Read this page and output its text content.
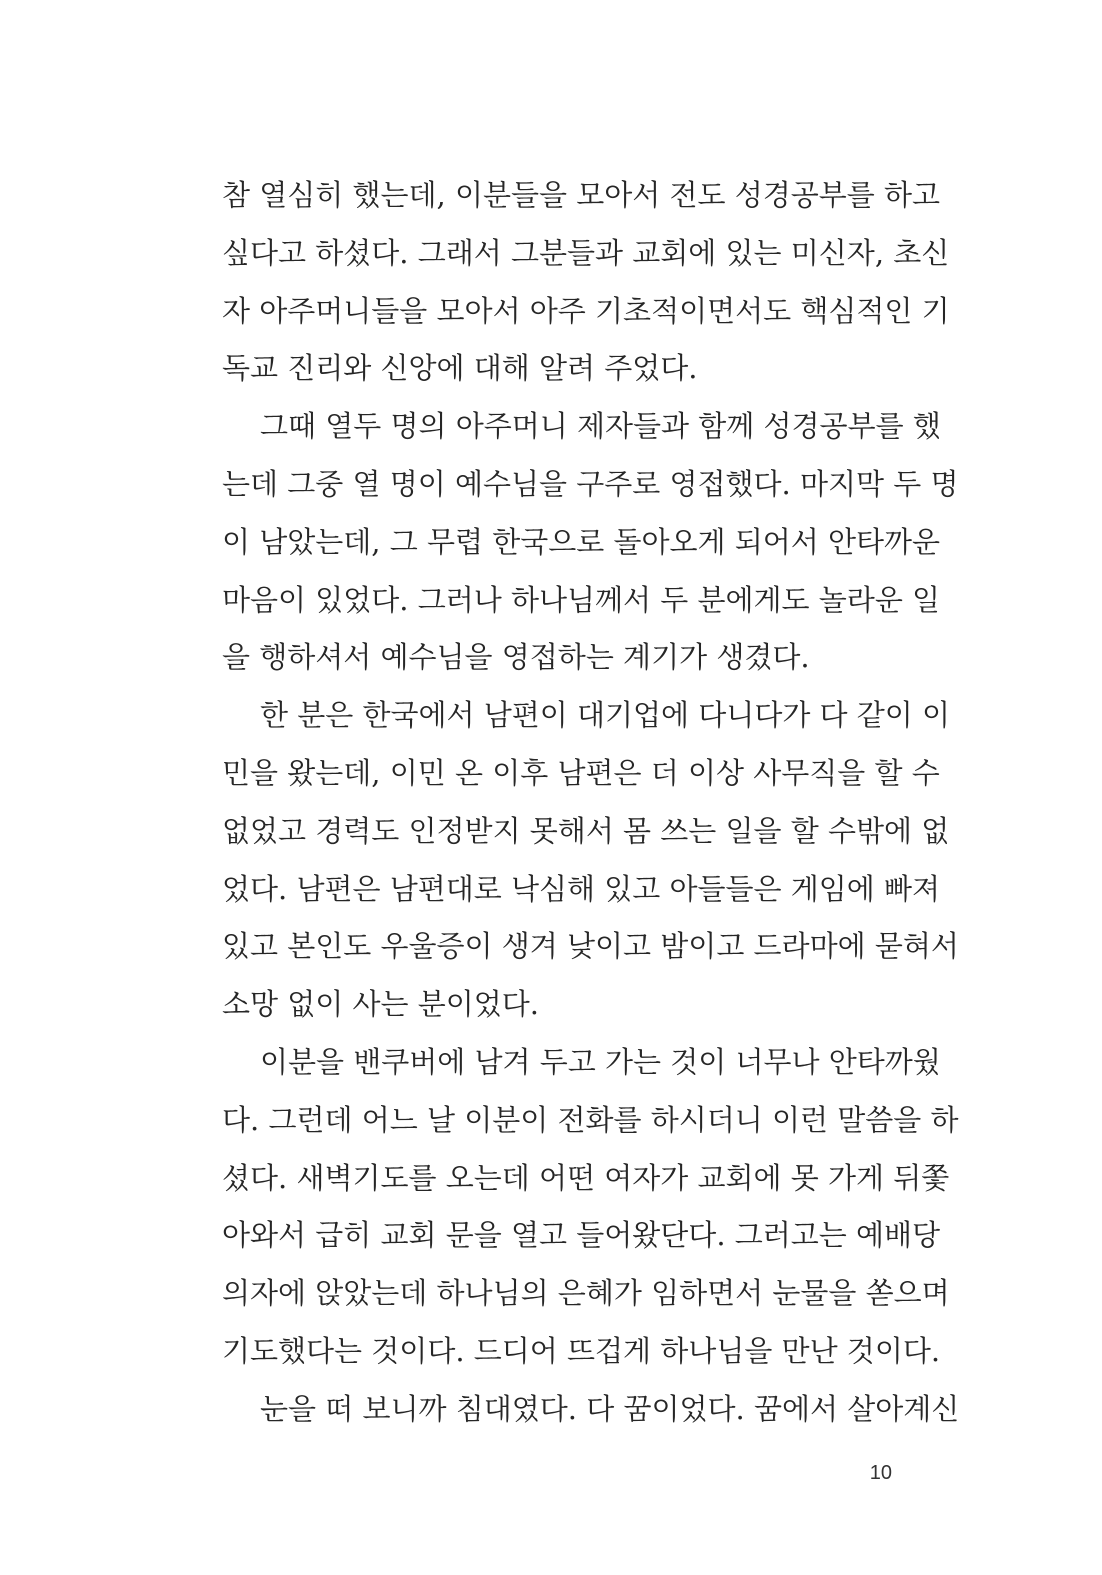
참 열심히 했는데, 이분들을 모아서 전도 성경공부를 하고
싶다고 하셨다. 그래서 그분들과 교회에 있는 미신자, 초신
자 아주머니들을 모아서 아주 기초적이면서도 핵심적인 기
독교 진리와 신앙에 대해 알려 주었다.
그때 열두 명의 아주머니 제자들과 함께 성경공부를 했
는데 그중 열 명이 예수님을 구주로 영접했다. 마지막 두 명
이 남았는데, 그 무렵 한국으로 돌아오게 되어서 안타까운
마음이 있었다. 그러나 하나님께서 두 분에게도 놀라운 일
을 행하셔서 예수님을 영접하는 계기가 생겼다.
한 분은 한국에서 남편이 대기업에 다니다가 다 같이 이
민을 왔는데, 이민 온 이후 남편은 더 이상 사무직을 할 수
없었고 경력도 인정받지 못해서 몸 쓰는 일을 할 수밖에 없
었다. 남편은 남편대로 낙심해 있고 아들들은 게임에 빠져
있고 본인도 우울증이 생겨 낮이고 밤이고 드라마에 묻혀서
소망 없이 사는 분이었다.
이분을 밴쿠버에 남겨 두고 가는 것이 너무나 안타까웠
다. 그런데 어느 날 이분이 전화를 하시더니 이런 말씀을 하
셨다. 새벽기도를 오는데 어떤 여자가 교회에 못 가게 뒤쫓
아와서 급히 교회 문을 열고 들어왔단다. 그러고는 예배당
의자에 앉았는데 하나님의 은혜가 임하면서 눈물을 쏟으며
기도했다는 것이다. 드디어 뜨겁게 하나님을 만난 것이다.
눈을 떠 보니까 침대였다. 다 꿈이었다. 꿈에서 살아계신
10
